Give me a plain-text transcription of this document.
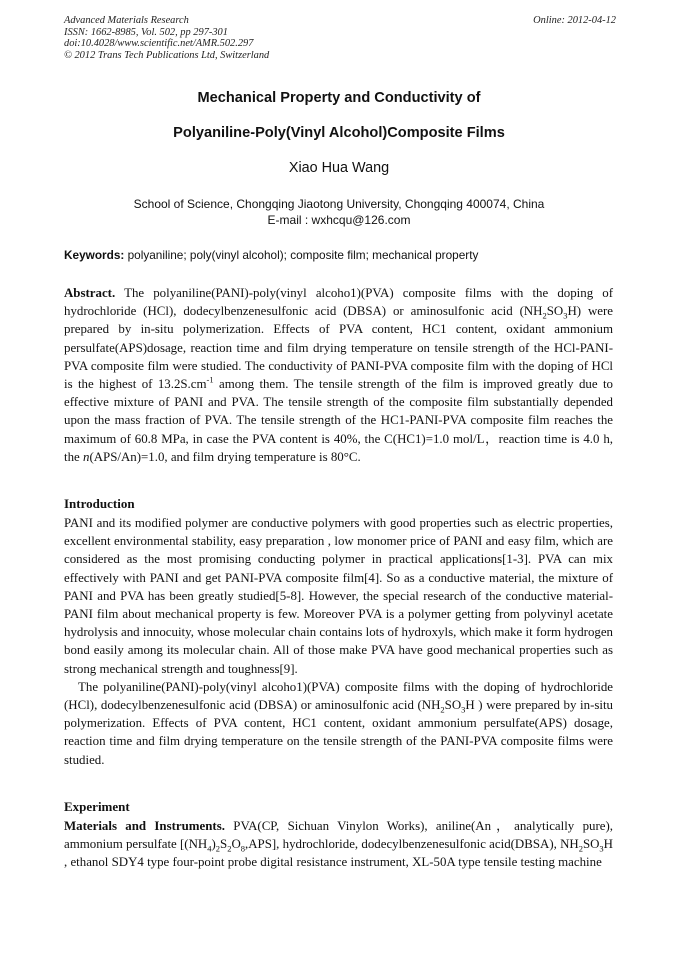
Advanced Materials Research
ISSN: 1662-8985, Vol. 502, pp 297-301
doi:10.4028/www.scientific.net/AMR.502.297
© 2012 Trans Tech Publications Ltd, Switzerland
Online: 2012-04-12
Mechanical Property and Conductivity of
Polyaniline-Poly(Vinyl Alcohol)Composite Films
Xiao Hua Wang
School of Science, Chongqing Jiaotong University, Chongqing 400074, China
E-mail : wxhcqu@126.com
Keywords: polyaniline; poly(vinyl alcohol); composite film; mechanical property
Abstract. The polyaniline(PANI)-poly(vinyl alcoho1)(PVA) composite films with the doping of hydrochloride (HCl), dodecylbenzenesulfonic acid (DBSA) or aminosulfonic acid $(NH_2SO_3H)$ were prepared by in-situ polymerization. Effects of PVA content, HC1 content, oxidant ammonium persulfate(APS)dosage, reaction time and film drying temperature on tensile strength of the HCl-PANI-PVA composite film were studied. The conductivity of PANI-PVA composite film with the doping of HCl is the highest of $13.2S.cm^{-1}$ among them. The tensile strength of the film is improved greatly due to effective mixture of PANI and PVA. The tensile strength of the composite film substantially depended upon the mass fraction of PVA. The tensile strength of the HC1-PANI-PVA composite film reaches the maximum of 60.8 MPa, in case the PVA content is 40%, the C(HC1)=1.0 mol/L，reaction time is 4.0 h, the n(APS/An)=1.0, and film drying temperature is 80°C.
Introduction
PANI and its modified polymer are conductive polymers with good properties such as electric properties, excellent environmental stability, easy preparation , low monomer price of PANI and easy film, which are considered as the most promising conducting polymer in practical applications[1-3]. PVA can mix effectively with PANI and get PANI-PVA composite film[4]. So as a conductive material, the mixture of PANI and PVA has been greatly studied[5-8]. However, the special research of the conductive material-PANI film about mechanical property is few. Moreover PVA is a polymer getting from polyvinyl acetate hydrolysis and innocuity, whose molecular chain contains lots of hydroxyls, which make it form hydrogen bond easily among its molecular chain. All of those make PVA have good mechanical properties such as strong mechanical strength and toughness[9].
The polyaniline(PANI)-poly(vinyl alcoho1)(PVA) composite films with the doping of hydrochloride (HCl), dodecylbenzenesulfonic acid (DBSA) or aminosulfonic acid ($NH_2SO_3H$ ) were prepared by in-situ polymerization. Effects of PVA content, HC1 content, oxidant ammonium persulfate(APS) dosage, reaction time and film drying temperature on the tensile strength of the PANI-PVA composite films were studied.
Experiment
Materials and Instruments. PVA(CP, Sichuan Vinylon Works), aniline(An，analytically pure), ammonium persulfate $[(NH_4)_2S_2O_8,APS]$, hydrochloride, dodecylbenzenesulfonic acid(DBSA), $NH_2SO_3H$ , ethanol SDY4 type four-point probe digital resistance instrument, XL-50A type tensile testing machine
